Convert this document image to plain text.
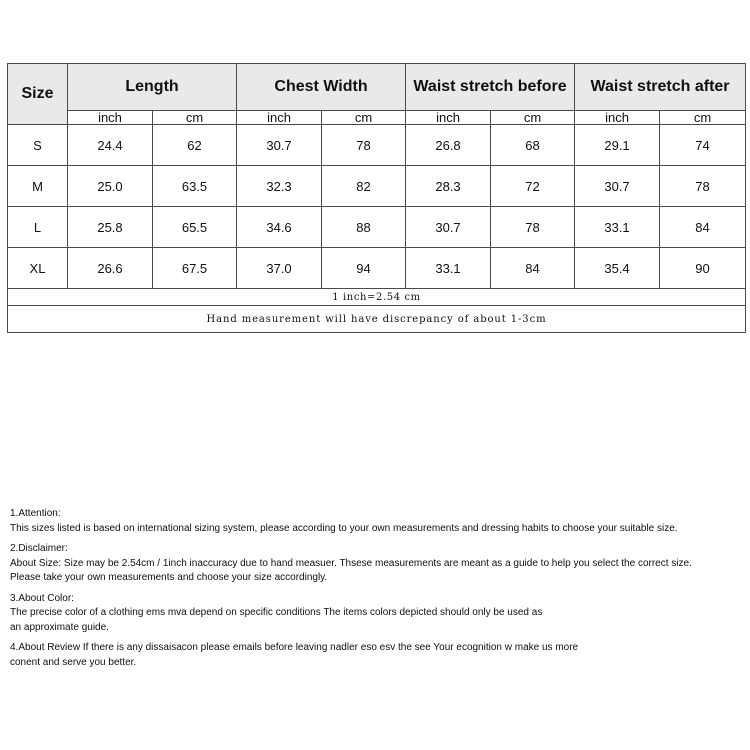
Size	Length		Chest Width		Waist stretch before		Waist stretch after	
	inch	cm	inch	cm	inch	cm	inch	cm
S	24.4	62	30.7	78	26.8	68	29.1	74
M	25.0	63.5	32.3	82	28.3	72	30.7	78
L	25.8	65.5	34.6	88	30.7	78	33.1	84
XL	26.6	67.5	37.0	94	33.1	84	35.4	90
1 inch=2.54 cm								
Hand measurement will have discrepancy of about 1-3cm								

1.Attention:

This sizes listed is based on international sizing system, please according to your own measurements and dressing habits to choose your suitable size.

2.Disclaimer:

About Size: Size may be 2.54cm / 1inch inaccuracy due to hand measuer. Thsese measurements are meant as a guide to help you select the correct size.

Please take your own measurements and choose your size accordingly.

3.About Color:

The precise color of a clothing ems mva depend on specific conditions The items colors depicted should only be used as

an approximate guide.

4.About Review If there is any dissaisacon please emails before leaving nadler eso esv the see Your ecognition w make us more

conent and serve you better.
